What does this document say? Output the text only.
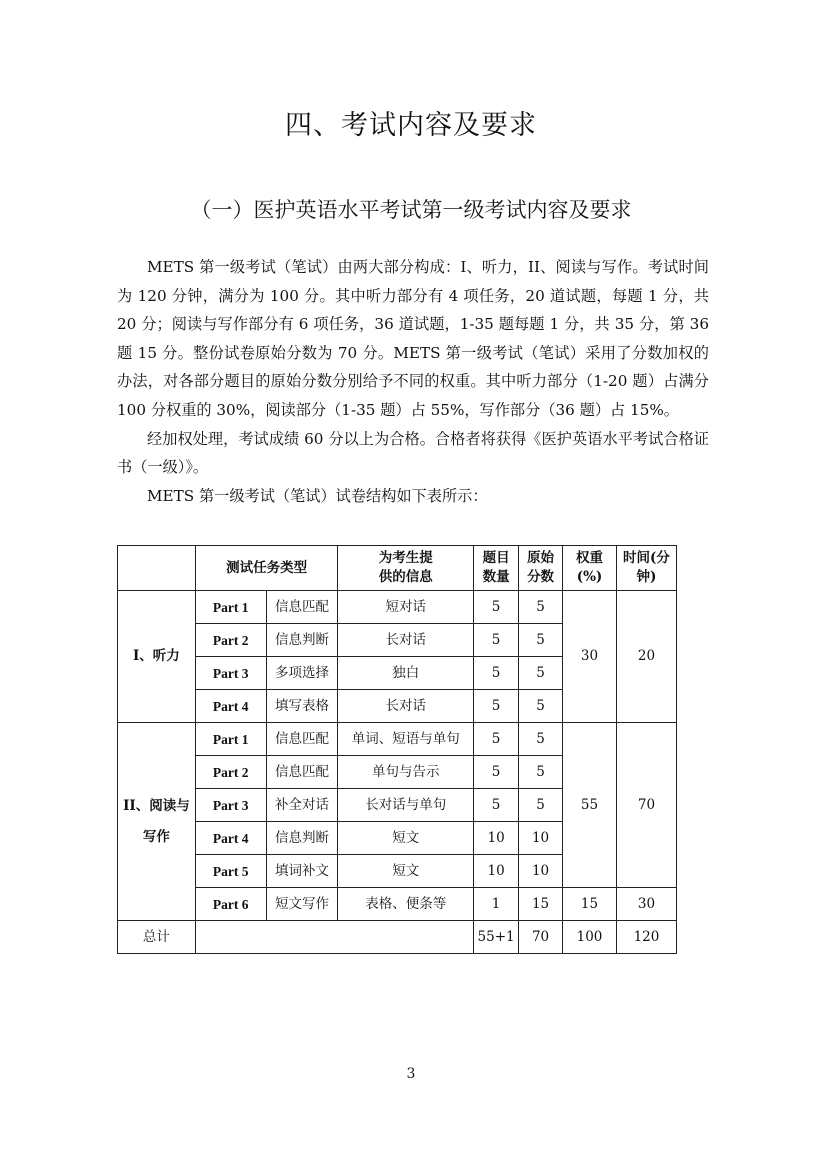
四、考试内容及要求
（一）医护英语水平考试第一级考试内容及要求

METS 第一级考试（笔试）由两大部分构成：I、听力，II、阅读与写作。考试时间为 120 分钟，满分为 100 分。其中听力部分有 4 项任务，20 道试题，每题 1 分，共 20 分；阅读与写作部分有 6 项任务，36 道试题，1-35 题每题 1 分，共 35 分，第 36 题 15 分。整份试卷原始分数为 70 分。METS 第一级考试（笔试）采用了分数加权的办法，对各部分题目的原始分数分别给予不同的权重。其中听力部分（1-20 题）占满分 100 分权重的 30%，阅读部分（1-35 题）占 55%，写作部分（36 题）占 15%。

经加权处理，考试成绩 60 分以上为合格。合格者将获得《医护英语水平考试合格证书（一级）》。

METS 第一级考试（笔试）试卷结构如下表所示：

	测试任务类型		为考生提供的信息	题目数量	原始分数	权重(%)	时间(分钟)
I、听力	Part 1	信息匹配	短对话	5	5	30	20
	Part 2	信息判断	长对话	5	5		
	Part 3	多项选择	独白	5	5		
	Part 4	填写表格	长对话	5	5		
II、阅读与
写作	Part 1	信息匹配	单词、短语与单句	5	5	55	70
	Part 2	信息匹配	单句与告示	5	5		
	Part 3	补全对话	长对话与单句	5	5		
	Part 4	信息判断	短文	10	10		
	Part 5	填词补文	短文	10	10		
	Part 6	短文写作	表格、便条等	1	15	15	30
总计				55+1	70	100	120
3
